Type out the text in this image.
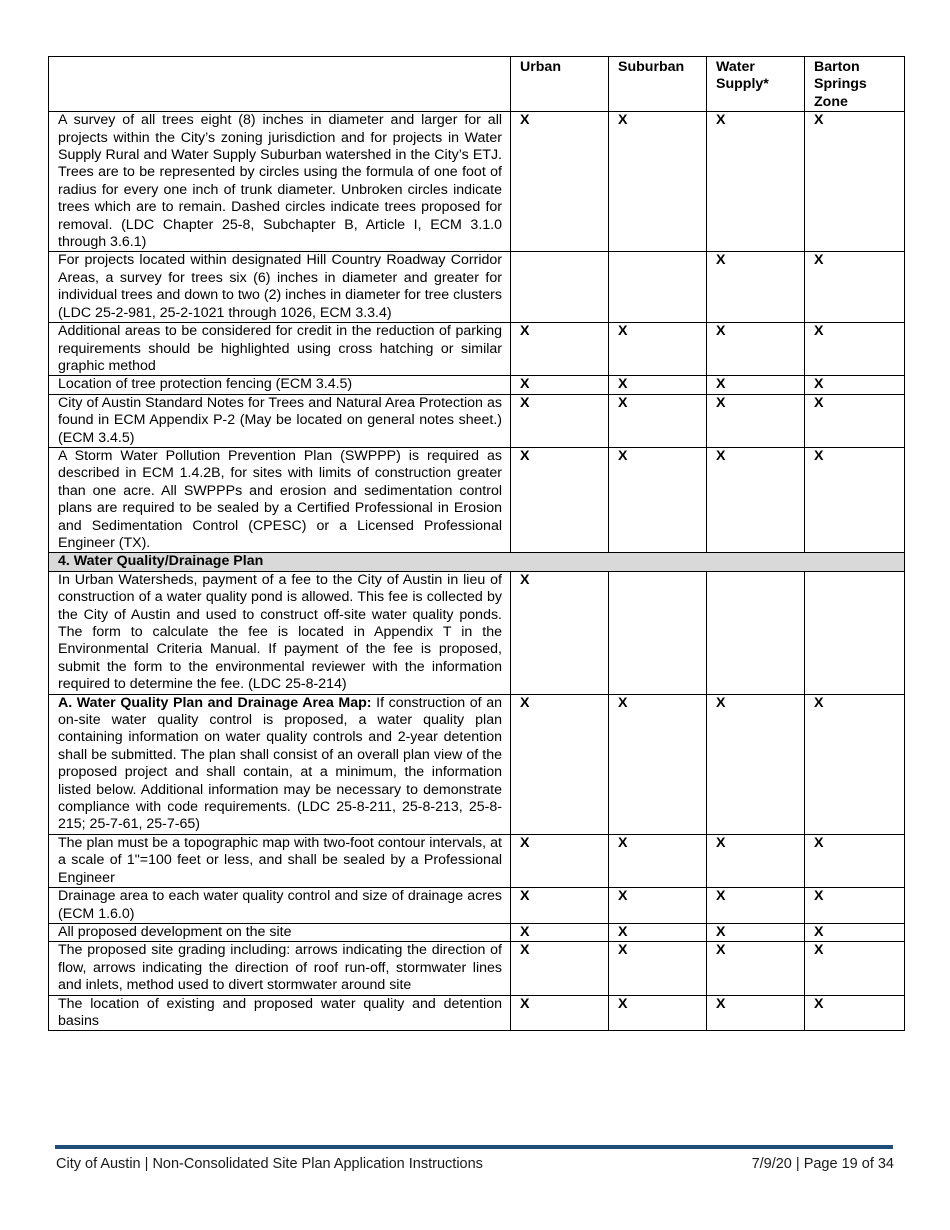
	Urban	Suburban	Water Supply*	Barton Springs Zone
A survey of all trees eight (8) inches in diameter and larger for all projects within the City’s zoning jurisdiction and for projects in Water Supply Rural and Water Supply Suburban watershed in the City’s ETJ. Trees are to be represented by circles using the formula of one foot of radius for every one inch of trunk diameter. Unbroken circles indicate trees which are to remain. Dashed circles indicate trees proposed for removal. (LDC Chapter 25-8, Subchapter B, Article I, ECM 3.1.0 through 3.6.1)	X	X	X	X
For projects located within designated Hill Country Roadway Corridor Areas, a survey for trees six (6) inches in diameter and greater for individual trees and down to two (2) inches in diameter for tree clusters (LDC 25-2-981, 25-2-1021 through 1026, ECM 3.3.4)			X	X
Additional areas to be considered for credit in the reduction of parking requirements should be highlighted using cross hatching or similar graphic method	X	X	X	X
Location of tree protection fencing (ECM 3.4.5)	X	X	X	X
City of Austin Standard Notes for Trees and Natural Area Protection as found in ECM Appendix P-2 (May be located on general notes sheet.) (ECM 3.4.5)	X	X	X	X
A Storm Water Pollution Prevention Plan (SWPPP) is required as described in ECM 1.4.2B, for sites with limits of construction greater than one acre. All SWPPPs and erosion and sedimentation control plans are required to be sealed by a Certified Professional in Erosion and Sedimentation Control (CPESC) or a Licensed Professional Engineer (TX).	X	X	X	X
4. Water Quality/Drainage Plan				
In Urban Watersheds, payment of a fee to the City of Austin in lieu of construction of a water quality pond is allowed. This fee is collected by the City of Austin and used to construct off-site water quality ponds. The form to calculate the fee is located in Appendix T in the Environmental Criteria Manual. If payment of the fee is proposed, submit the form to the environmental reviewer with the information required to determine the fee. (LDC 25-8-214)	X			
A. Water Quality Plan and Drainage Area Map: If construction of an on-site water quality control is proposed, a water quality plan containing information on water quality controls and 2-year detention shall be submitted. The plan shall consist of an overall plan view of the proposed project and shall contain, at a minimum, the information listed below. Additional information may be necessary to demonstrate compliance with code requirements. (LDC 25-8-211, 25-8-213, 25-8-215; 25-7-61, 25-7-65)	X	X	X	X
The plan must be a topographic map with two-foot contour intervals, at a scale of 1"=100 feet or less, and shall be sealed by a Professional Engineer	X	X	X	X
Drainage area to each water quality control and size of drainage acres (ECM 1.6.0)	X	X	X	X
All proposed development on the site	X	X	X	X
The proposed site grading including: arrows indicating the direction of flow, arrows indicating the direction of roof run-off, stormwater lines and inlets, method used to divert stormwater around site	X	X	X	X
The location of existing and proposed water quality and detention basins	X	X	X	X
City of Austin | Non-Consolidated Site Plan Application Instructions	7/9/20 | Page 19 of 34
